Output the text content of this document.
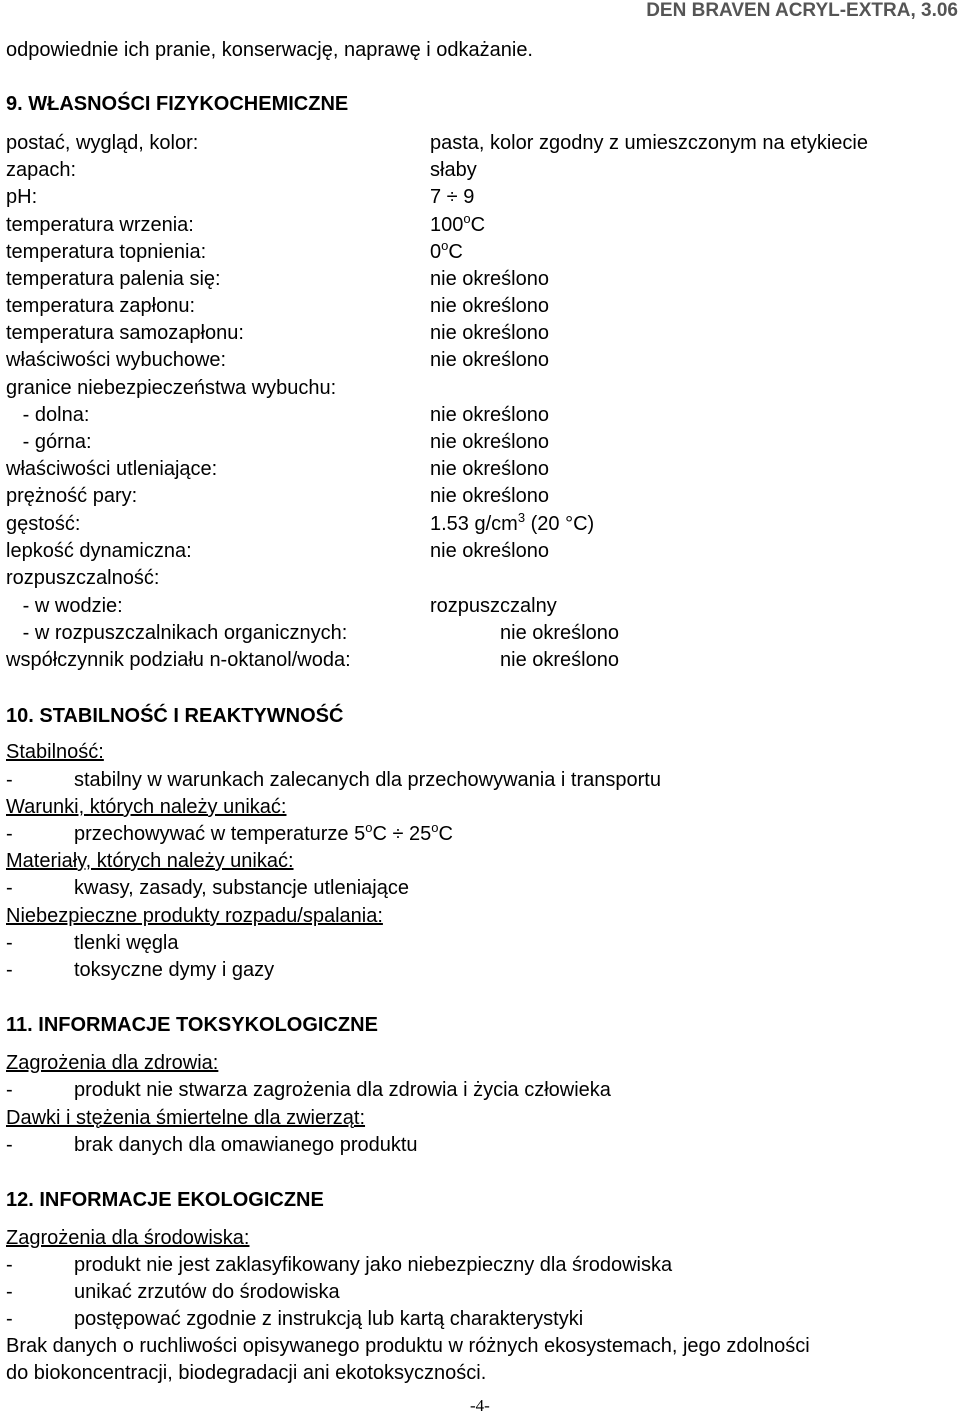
DEN BRAVEN ACRYL-EXTRA, 3.06
odpowiednie ich pranie, konserwację, naprawę i odkażanie.
9. WŁASNOŚCI FIZYKOCHEMICZNE
postać, wygląd, kolor:	pasta, kolor zgodny z umieszczonym na etykiecie
zapach:	słaby
pH:	7 ÷ 9
temperatura wrzenia:	100$^o$C
temperatura topnienia:	0$^o$C
temperatura palenia się:	nie określono
temperatura zapłonu:	nie określono
temperatura samozapłonu:	nie określono
właściwości wybuchowe:	nie określono
granice niebezpieczeństwa wybuchu:
- dolna:	nie określono
- górna:	nie określono
właściwości utleniające:	nie określono
prężność pary:	nie określono
gęstość:	1.53 $g/cm^3$ (20 °C)
lepkość dynamiczna:	nie określono
rozpuszczalność:
- w wodzie:	rozpuszczalny
- w rozpuszczalnikach organicznych:	nie określono
współczynnik podziału n-oktanol/woda:	nie określono
10. STABILNOŚĆ I REAKTYWNOŚĆ
Stabilność:
-	stabilny w warunkach zalecanych dla przechowywania i transportu
Warunki, których należy unikać:
-	przechowywać w temperaturze $5^oC \div 25^oC$
Materiały, których należy unikać:
-	kwasy, zasady, substancje utleniające
Niebezpieczne produkty rozpadu/spalania:
-	tlenki węgla
-	toksyczne dymy i gazy
11. INFORMACJE TOKSYKOLOGICZNE
Zagrożenia dla zdrowia:
-	produkt nie stwarza zagrożenia dla zdrowia i życia człowieka
Dawki i stężenia śmiertelne dla zwierząt:
-	brak danych dla omawianego produktu
12. INFORMACJE EKOLOGICZNE
Zagrożenia dla środowiska:
-	produkt nie jest zaklasyfikowany jako niebezpieczny dla środowiska
-	unikać zrzutów do środowiska
-	postępować zgodnie z instrukcją lub kartą charakterystyki
Brak danych o ruchliwości opisywanego produktu w różnych ekosystemach, jego zdolności
do biokoncentracji, biodegradacji ani ekotoksyczności.
-4-
